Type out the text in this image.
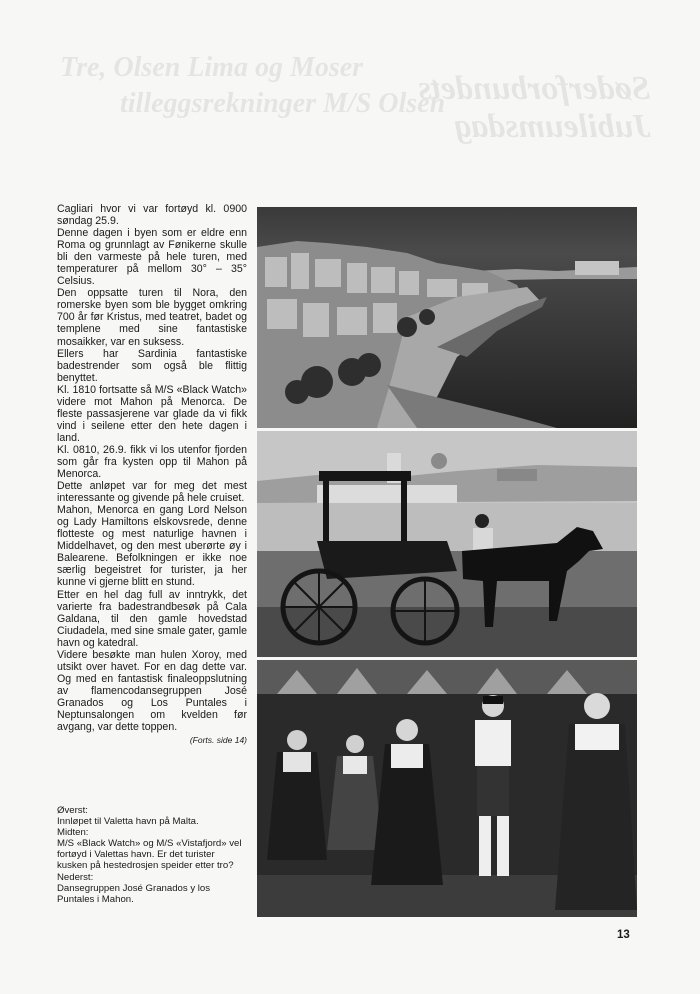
Tre, Olsen Lima og Moser
tilleggsrekninger M/S Olsen
Søderforbundets
Jubileumsdag

Cagliari hvor vi var fortøyd kl. 0900 søndag 25.9.

Denne dagen i byen som er eldre enn Roma og grunnlagt av Fønikerne skulle bli den varmeste på hele turen, med temperaturer på mellom 30° – 35° Celsius.

Den oppsatte turen til Nora, den romerske byen som ble bygget omkring 700 år før Kristus, med teatret, badet og templene med sine fantastiske mosaikker, var en suksess.

Ellers har Sardinia fantastiske badestrender som også ble flittig benyttet.

Kl. 1810 fortsatte så M/S «Black Watch» videre mot Mahon på Menorca. De fleste passasjerene var glade da vi fikk vind i seilene etter den hete dagen i land.

Kl. 0810, 26.9. fikk vi los utenfor fjorden som går fra kysten opp til Mahon på Menorca.

Dette anløpet var for meg det mest interessante og givende på hele cruiset.

Mahon, Menorca en gang Lord Nelson og Lady Hamiltons elskovsrede, denne flotteste og mest naturlige havnen i Middelhavet, og den mest uberørte øy i Balearene. Befolkningen er ikke noe særlig begeistret for turister, ja her kunne vi gjerne blitt en stund.

Etter en hel dag full av inntrykk, det varierte fra badestrandbesøk på Cala Galdana, til den gamle hovedstad Ciudadela, med sine smale gater, gamle havn og katedral.

Videre besøkte man hulen Xoroy, med utsikt over havet. For en dag dette var. Og med en fantastisk finaleoppslutning av flamencodansegruppen José Granados og Los Puntales i Neptunsalongen om kvelden før avgang, var dette toppen.

(Forts. side 14)

Øverst:

Innløpet til Valetta havn på Malta.

Midten:

M/S «Black Watch» og M/S «Vistafjord» vel fortøyd i Valettas havn. Er det turister kusken på hestedrosjen speider etter tro?

Nederst:

Dansegruppen José Granados y los Puntales i Mahon.

13
